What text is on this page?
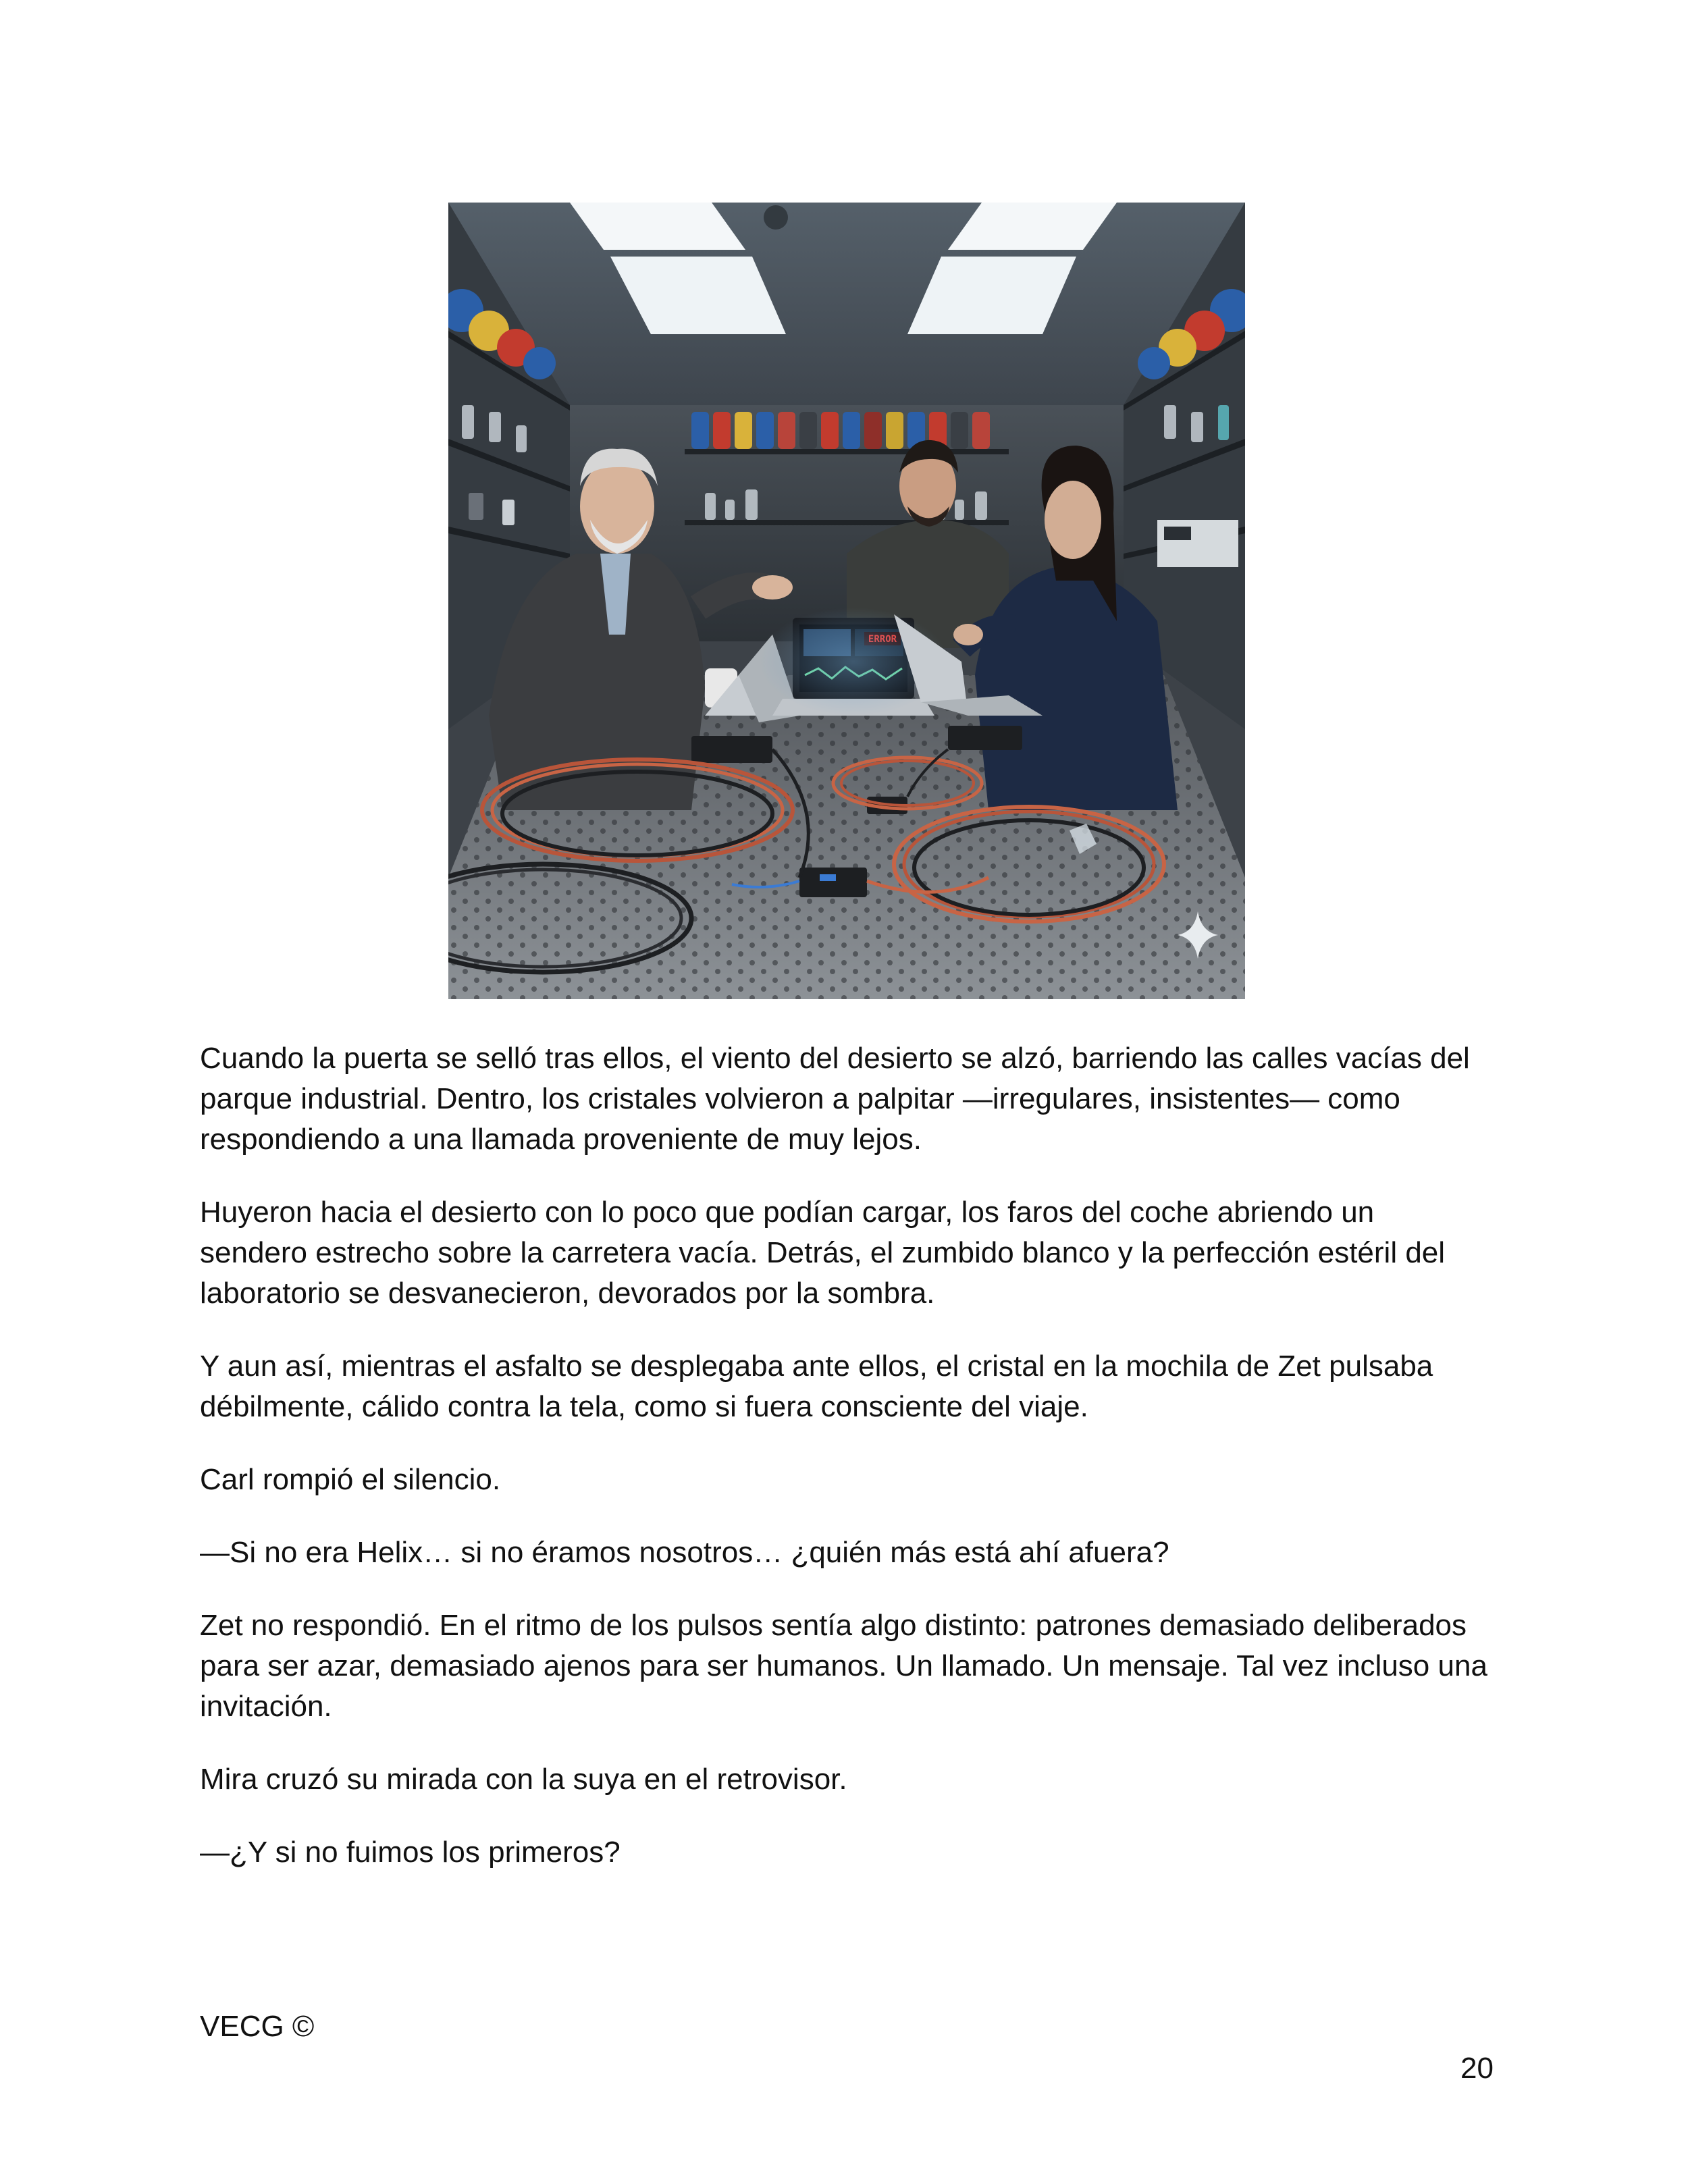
Cuando la puerta se selló tras ellos, el viento del desierto se alzó, barriendo las calles vacías del parque industrial. Dentro, los cristales volvieron a palpitar —irregulares, insistentes— como respondiendo a una llamada proveniente de muy lejos.

Huyeron hacia el desierto con lo poco que podían cargar, los faros del coche abriendo un sendero estrecho sobre la carretera vacía. Detrás, el zumbido blanco y la perfección estéril del laboratorio se desvanecieron, devorados por la sombra.

Y aun así, mientras el asfalto se desplegaba ante ellos, el cristal en la mochila de Zet pulsaba débilmente, cálido contra la tela, como si fuera consciente del viaje.

Carl rompió el silencio.

—Si no era Helix… si no éramos nosotros… ¿quién más está ahí afuera?

Zet no respondió. En el ritmo de los pulsos sentía algo distinto: patrones demasiado deliberados para ser azar, demasiado ajenos para ser humanos. Un llamado. Un mensaje. Tal vez incluso una invitación.

Mira cruzó su mirada con la suya en el retrovisor.

—¿Y si no fuimos los primeros?

VECG ©
20
